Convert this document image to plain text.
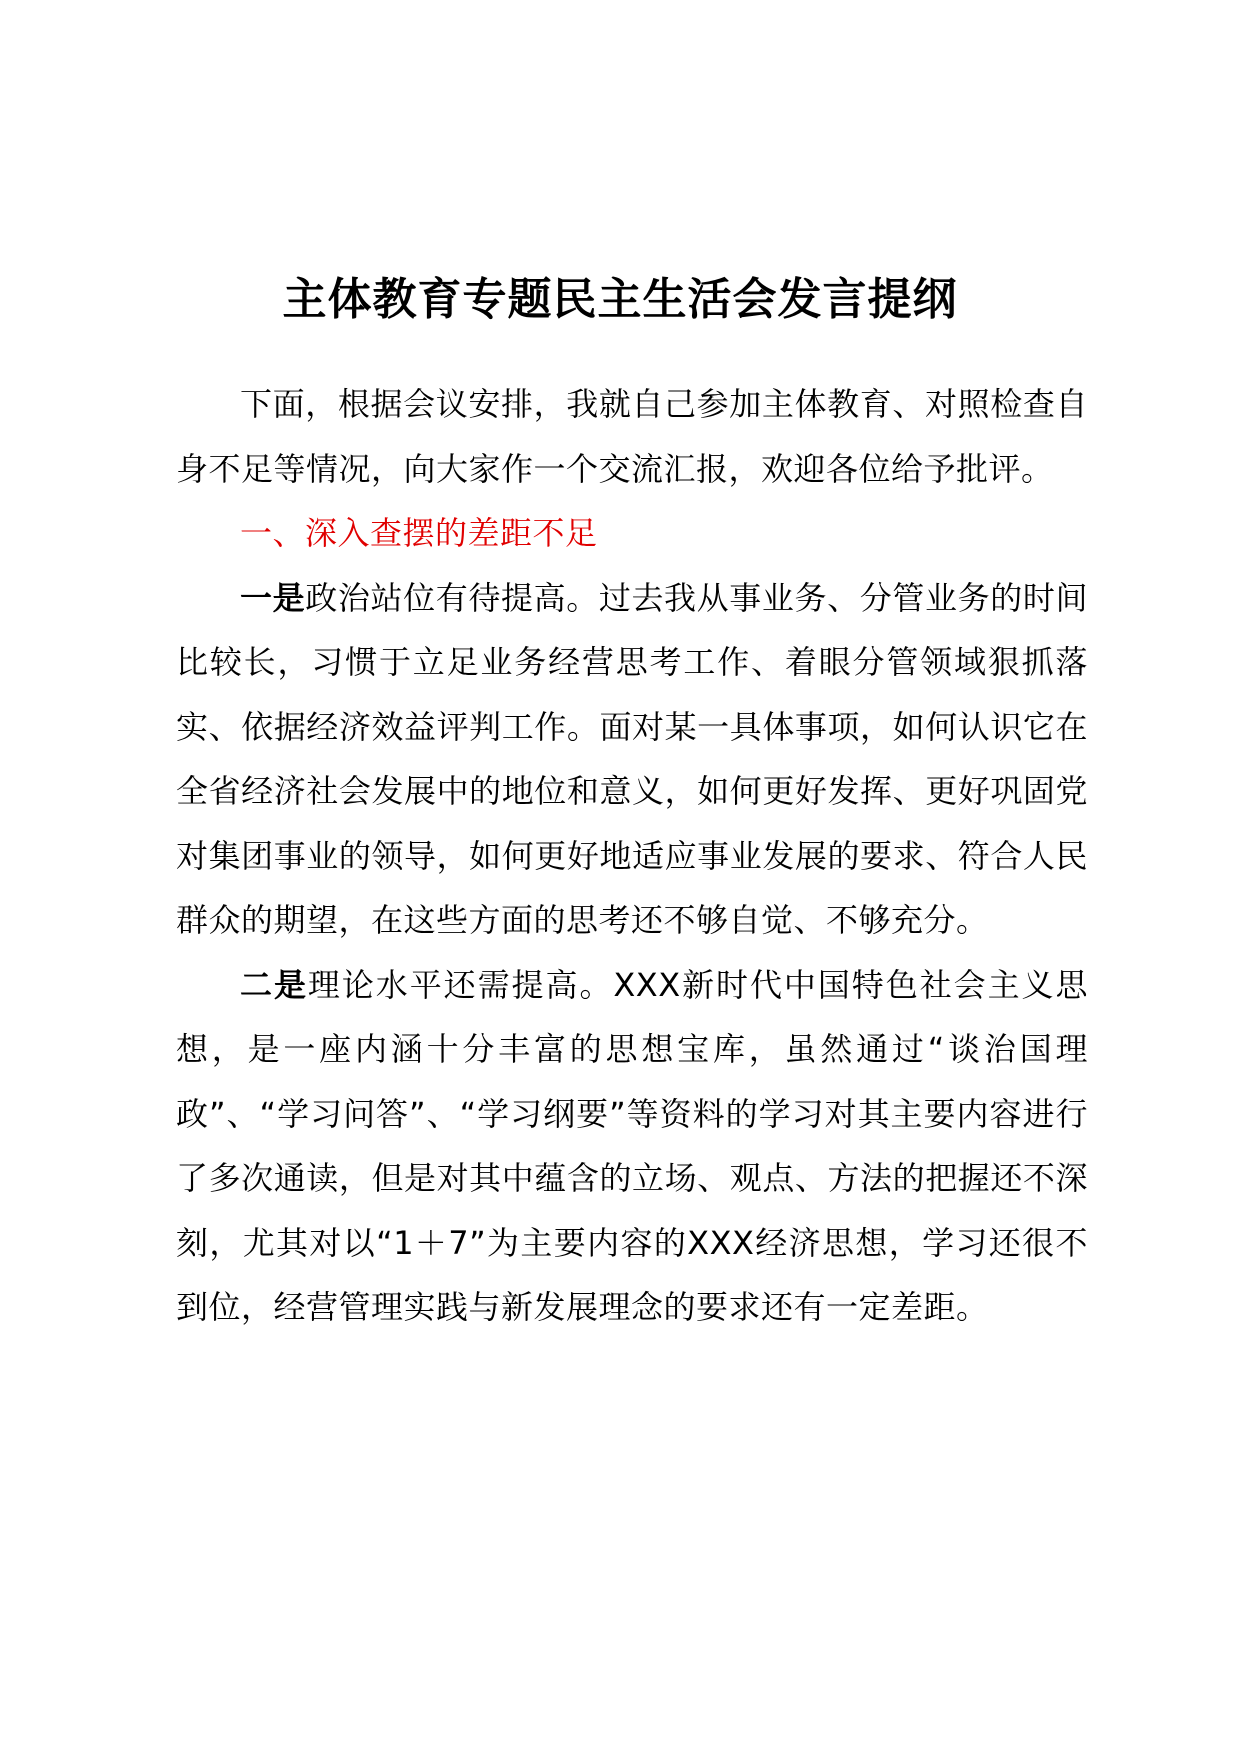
主体教育专题民主生活会发言提纲

下面，根据会议安排，我就自己参加主体教育、对照检查自身不足等情况，向大家作一个交流汇报，欢迎各位给予批评。

一、深入查摆的差距不足

一是政治站位有待提高。过去我从事业务、分管业务的时间比较长，习惯于立足业务经营思考工作、着眼分管领域狠抓落实、依据经济效益评判工作。面对某一具体事项，如何认识它在全省经济社会发展中的地位和意义，如何更好发挥、更好巩固党对集团事业的领导，如何更好地适应事业发展的要求、符合人民群众的期望，在这些方面的思考还不够自觉、不够充分。

二是理论水平还需提高。XXX新时代中国特色社会主义思想，是一座内涵十分丰富的思想宝库，虽然通过“谈治国理政”、“学习问答”、“学习纲要”等资料的学习对其主要内容进行了多次通读，但是对其中蕴含的立场、观点、方法的把握还不深刻，尤其对以“1＋7”为主要内容的XXX经济思想，学习还很不到位，经营管理实践与新发展理念的要求还有一定差距。
